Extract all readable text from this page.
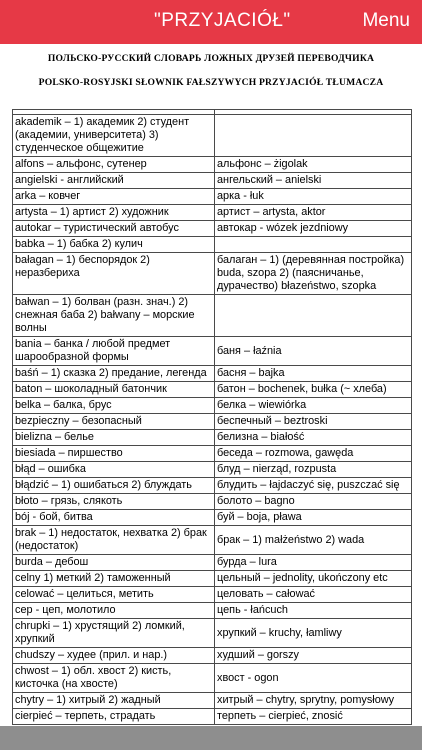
"PRZYJACIÓŁ"	Menu
ПОЛЬСКО-РУССКИЙ СЛОВАРЬ ЛОЖНЫХ ДРУЗЕЙ ПЕРЕВОДЧИКА
POLSKO-ROSYJSKI SŁOWNIK FAŁSZYWYCH PRZYJACIÓŁ TŁUMACZA

akademik – 1) академик 2) студент (академии, университета) 3) студенческое общежитие	
alfons – альфонс, сутенер	альфонс – żigolak
angielski - английский	ангельский – anielski
arka – ковчег	арка - łuk
artysta – 1) артист 2) художник	артист – artysta, aktor
autokar – туристический автобус	автокар - wózek jezdniowy
babka – 1) бабка 2) кулич	
bałagan – 1) беспорядок 2) неразбериха	балаган – 1) (деревянная постройка) buda, szopa 2) (паясничанье, дурачество) błazeństwo, szopka
bałwan – 1) болван (разн. знач.) 2) снежная баба 2) bałwany – морские волны	
bania – банка / любой предмет шарообразной формы	баня – łaźnia
baśń – 1) сказка 2) предание, легенда	басня – bajka
baton – шоколадный батончик	батон – bochenek, bułka (~ хлеба)
belka – балка, брус	белка – wiewiórka
bezpieczny – безопасный	беспечный – beztroski
bielizna – белье	белизна – białość
biesiada – пиршество	беседа – rozmowa, gawęda
błąd – ошибка	блуд – nierząd, rozpusta
błądzić – 1) ошибаться 2) блуждать	блудить – łajdaczyć się, puszczać się
błoto – грязь, слякоть	болото – bagno
bój - бой, битва	буй – boja, pława
brak – 1) недостаток, нехватка 2) брак (недостаток)	брак – 1) małżeństwo 2) wada
burda – дебош	бурда – lura
celny 1) меткий 2) таможенный	цельный – jednolity, ukończony etc
celować – целиться, метить	целовать – całować
cep - цеп, молотило	цепь - łańcuch
chrupki – 1) хрустящий 2) ломкий, хрупкий	хрупкий – kruchy, łamliwy
chudszy – худее (прил. и нар.)	худший – gorszy
chwost – 1) обл. хвост 2) кисть, кисточка (на хвосте)	хвост - ogon
chytry – 1) хитрый 2) жадный	хитрый – chytry, sprytny, pomysłowy
cierpieć – терпеть, страдать	терпеть – cierpieć, znosić
